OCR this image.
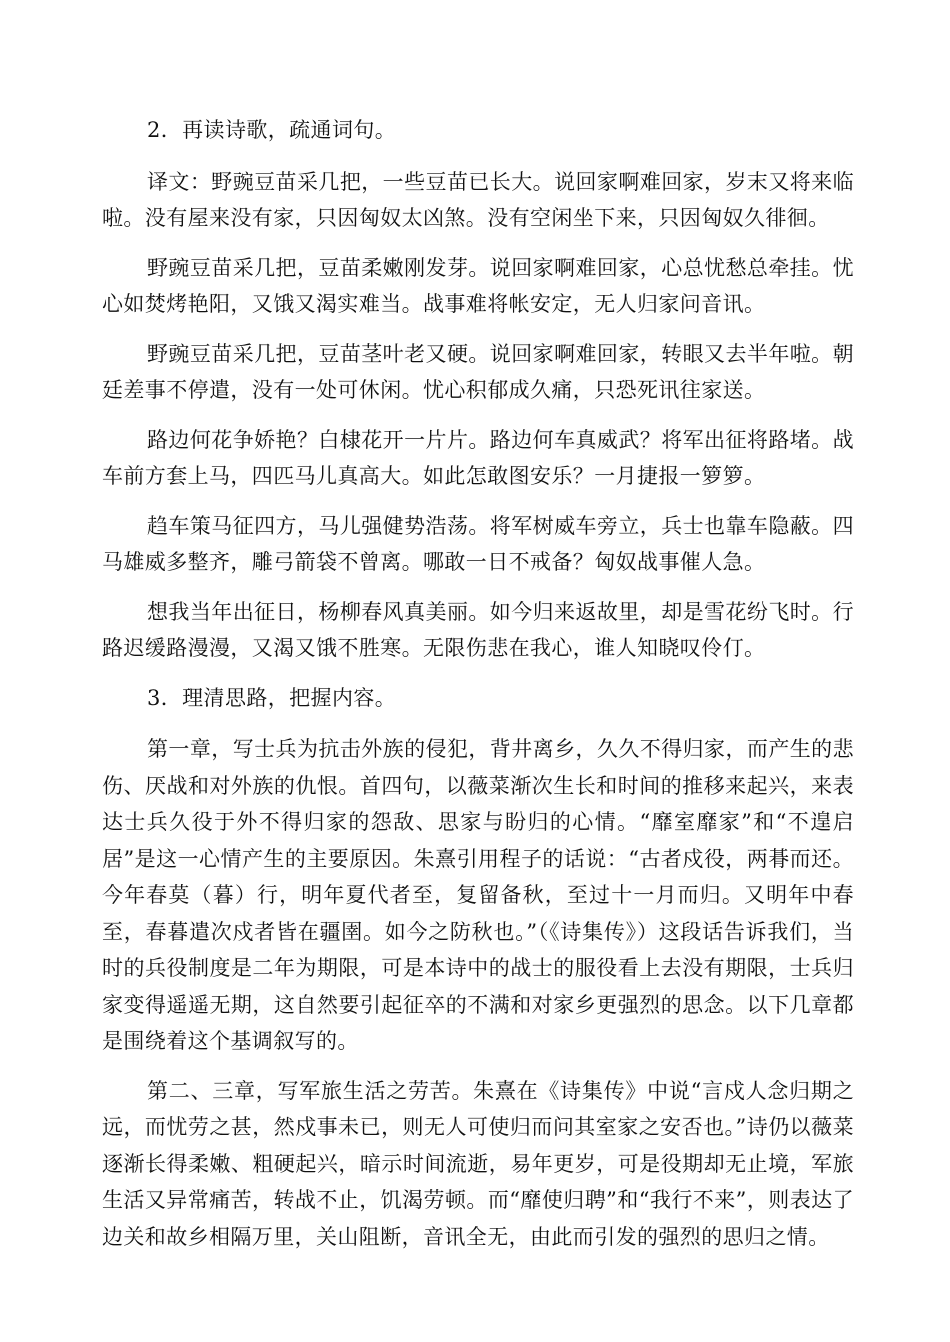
2．再读诗歌，疏通词句。

译文：野豌豆苗采几把，一些豆苗已长大。说回家啊难回家，岁末又将来临啦。没有屋来没有家，只因匈奴太凶煞。没有空闲坐下来，只因匈奴久徘徊。

野豌豆苗采几把，豆苗柔嫩刚发芽。说回家啊难回家，心总忧愁总牵挂。忧心如焚烤艳阳，又饿又渴实难当。战事难将帐安定，无人归家问音讯。

野豌豆苗采几把，豆苗茎叶老又硬。说回家啊难回家，转眼又去半年啦。朝廷差事不停遣，没有一处可休闲。忧心积郁成久痛，只恐死讯往家送。

路边何花争娇艳？白棣花开一片片。路边何车真威武？将军出征将路堵。战车前方套上马，四匹马儿真高大。如此怎敢图安乐？一月捷报一箩箩。

趋车策马征四方，马儿强健势浩荡。将军树威车旁立，兵士也靠车隐蔽。四马雄威多整齐，雕弓箭袋不曾离。哪敢一日不戒备？匈奴战事催人急。

想我当年出征日，杨柳春风真美丽。如今归来返故里，却是雪花纷飞时。行路迟缓路漫漫，又渴又饿不胜寒。无限伤悲在我心，谁人知晓叹伶仃。

3．理清思路，把握内容。

第一章，写士兵为抗击外族的侵犯，背井离乡，久久不得归家，而产生的悲伤、厌战和对外族的仇恨。首四句，以薇菜渐次生长和时间的推移来起兴，来表达士兵久役于外不得归家的怨敌、思家与盼归的心情。“靡室靡家”和“不遑启居”是这一心情产生的主要原因。朱熹引用程子的话说：“古者戍役，两朞而还。今年春莫（暮）行，明年夏代者至，复留备秋，至过十一月而归。又明年中春至，春暮遣次戍者皆在疆圉。如今之防秋也。”（《诗集传》）这段话告诉我们，当时的兵役制度是二年为期限，可是本诗中的战士的服役看上去没有期限，士兵归家变得遥遥无期，这自然要引起征卒的不满和对家乡更强烈的思念。以下几章都是围绕着这个基调叙写的。

第二、三章，写军旅生活之劳苦。朱熹在《诗集传》中说“言戍人念归期之远，而忧劳之甚，然戍事未已，则无人可使归而问其室家之安否也。”诗仍以薇菜逐渐长得柔嫩、粗硬起兴，暗示时间流逝，易年更岁，可是役期却无止境，军旅生活又异常痛苦，转战不止，饥渴劳顿。而“靡使归聘”和“我行不来”，则表达了边关和故乡相隔万里，关山阻断，音讯全无，由此而引发的强烈的思归之情。
